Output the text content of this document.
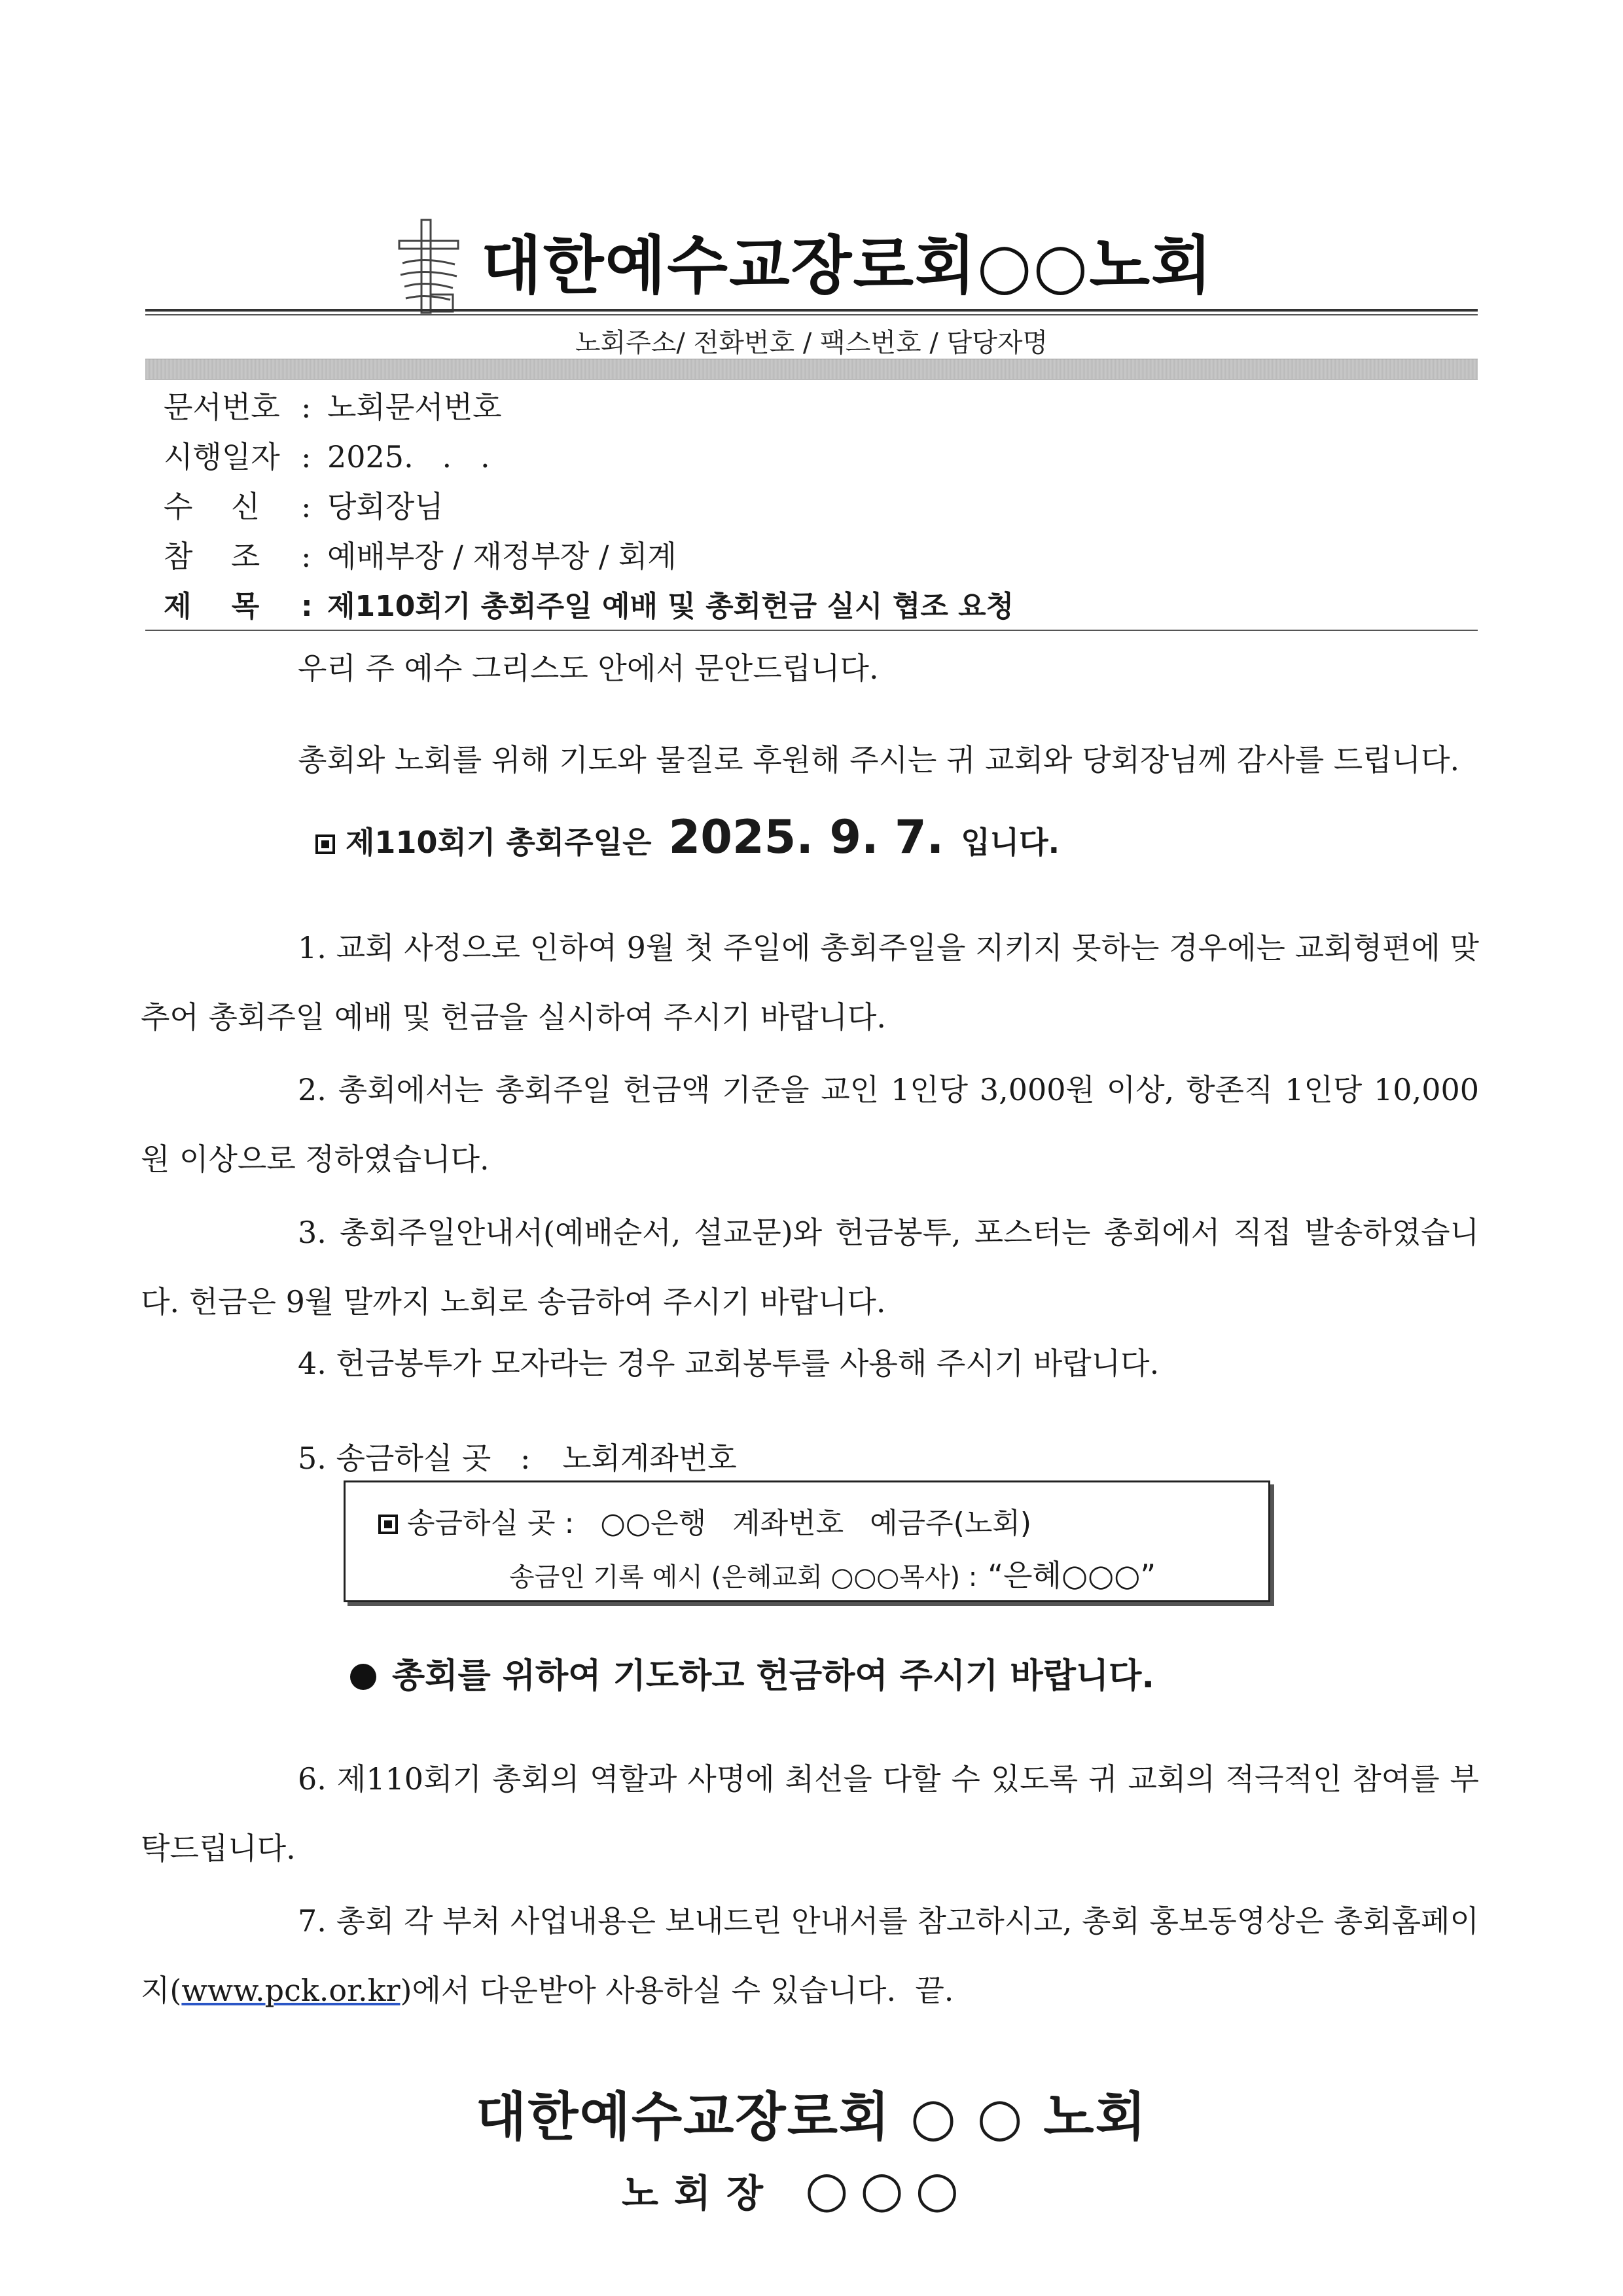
대한예수교장로회○○노회
노회주소/ 전화번호 / 팩스번호 / 담당자명
문서번호 : 노회문서번호
시행일자 : 2025.   .   .
수    신 : 당회장님
참    조 : 예배부장 / 재정부장 / 회계
제    목 : 제110회기 총회주일 예배 및 총회헌금 실시 협조 요청
우리 주 예수 그리스도 안에서 문안드립니다.
총회와 노회를 위해 기도와 물질로 후원해 주시는 귀 교회와 당회장님께 감사를 드립니다.
제110회기 총회주일은 2025. 9. 7. 입니다.
1. 교회 사정으로 인하여 9월 첫 주일에 총회주일을 지키지 못하는 경우에는 교회형편에 맞추어 총회주일 예배 및 헌금을 실시하여 주시기 바랍니다.
2. 총회에서는 총회주일 헌금액 기준을 교인 1인당 3,000원 이상, 항존직 1인당 10,000원 이상으로 정하였습니다.
3. 총회주일안내서(예배순서, 설교문)와 헌금봉투, 포스터는 총회에서 직접 발송하였습니다. 헌금은 9월 말까지 노회로 송금하여 주시기 바랍니다.
4. 헌금봉투가 모자라는 경우 교회봉투를 사용해 주시기 바랍니다.
5. 송금하실 곳 : 노회계좌번호
송금하실 곳 : ○○은행 계좌번호 예금주(노회)
송금인 기록 예시 (은혜교회 ○○○목사) : “은혜○○○”
총회를 위하여 기도하고 헌금하여 주시기 바랍니다.
6. 제110회기 총회의 역할과 사명에 최선을 다할 수 있도록 귀 교회의 적극적인 참여를 부탁드립니다.
7. 총회 각 부처 사업내용은 보내드린 안내서를 참고하시고, 총회 홍보동영상은 총회홈페이지(www.pck.or.kr)에서 다운받아 사용하실 수 있습니다. 끝.
대한예수교장로회 ○ ○ 노회
노회장 ○○○
